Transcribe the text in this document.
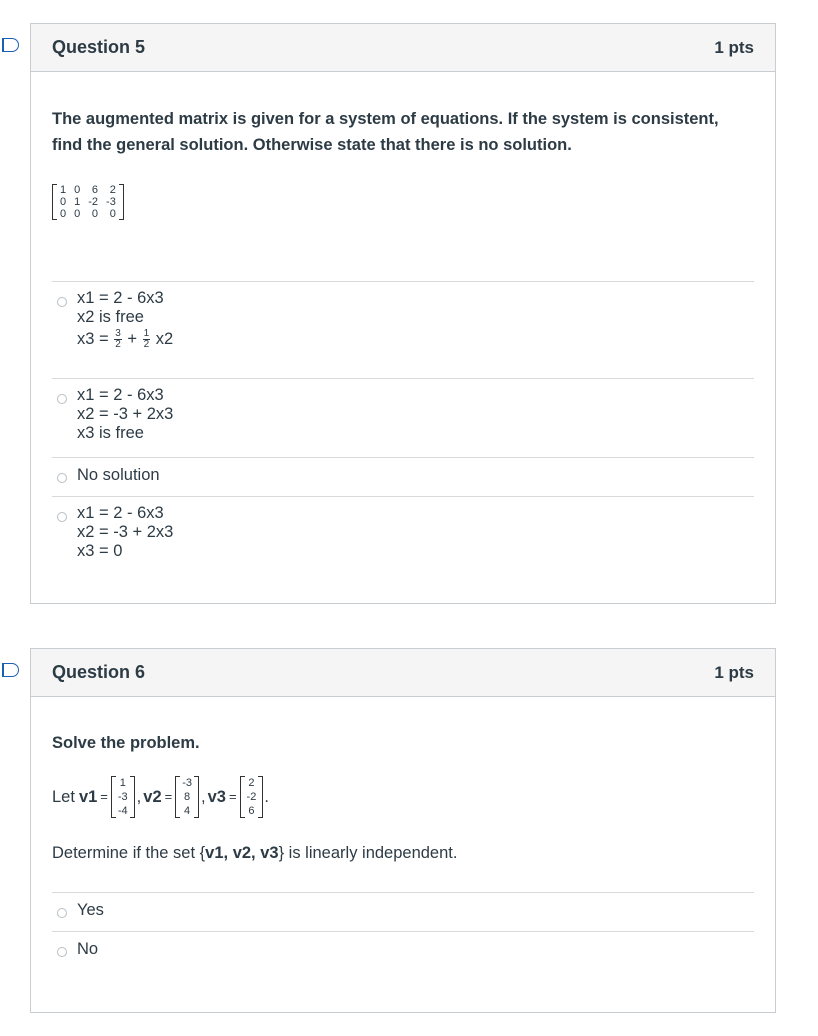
Question 5	1 pts
The augmented matrix is given for a system of equations. If the system is consistent,
find the general solution. Otherwise state that there is no solution.
1	0	6	2
0	1	-2	-3
0	0	0	0
x1 = 2 - 6x3
x2 is free
$x3 = \frac{3}{2} + \frac{1}{2} x2$
x1 = 2 - 6x3
x2 = -3 + 2x3
x3 is free
No solution
x1 = 2 - 6x3
x2 = -3 + 2x3
x3 = 0
Question 6	1 pts
Solve the problem.
Let v1 =
1
-3
-4
, v2 =
-3
8
4
, v3 =
2
-2
6
.
Determine if the set {v1, v2, v3} is linearly independent.
Yes
No
